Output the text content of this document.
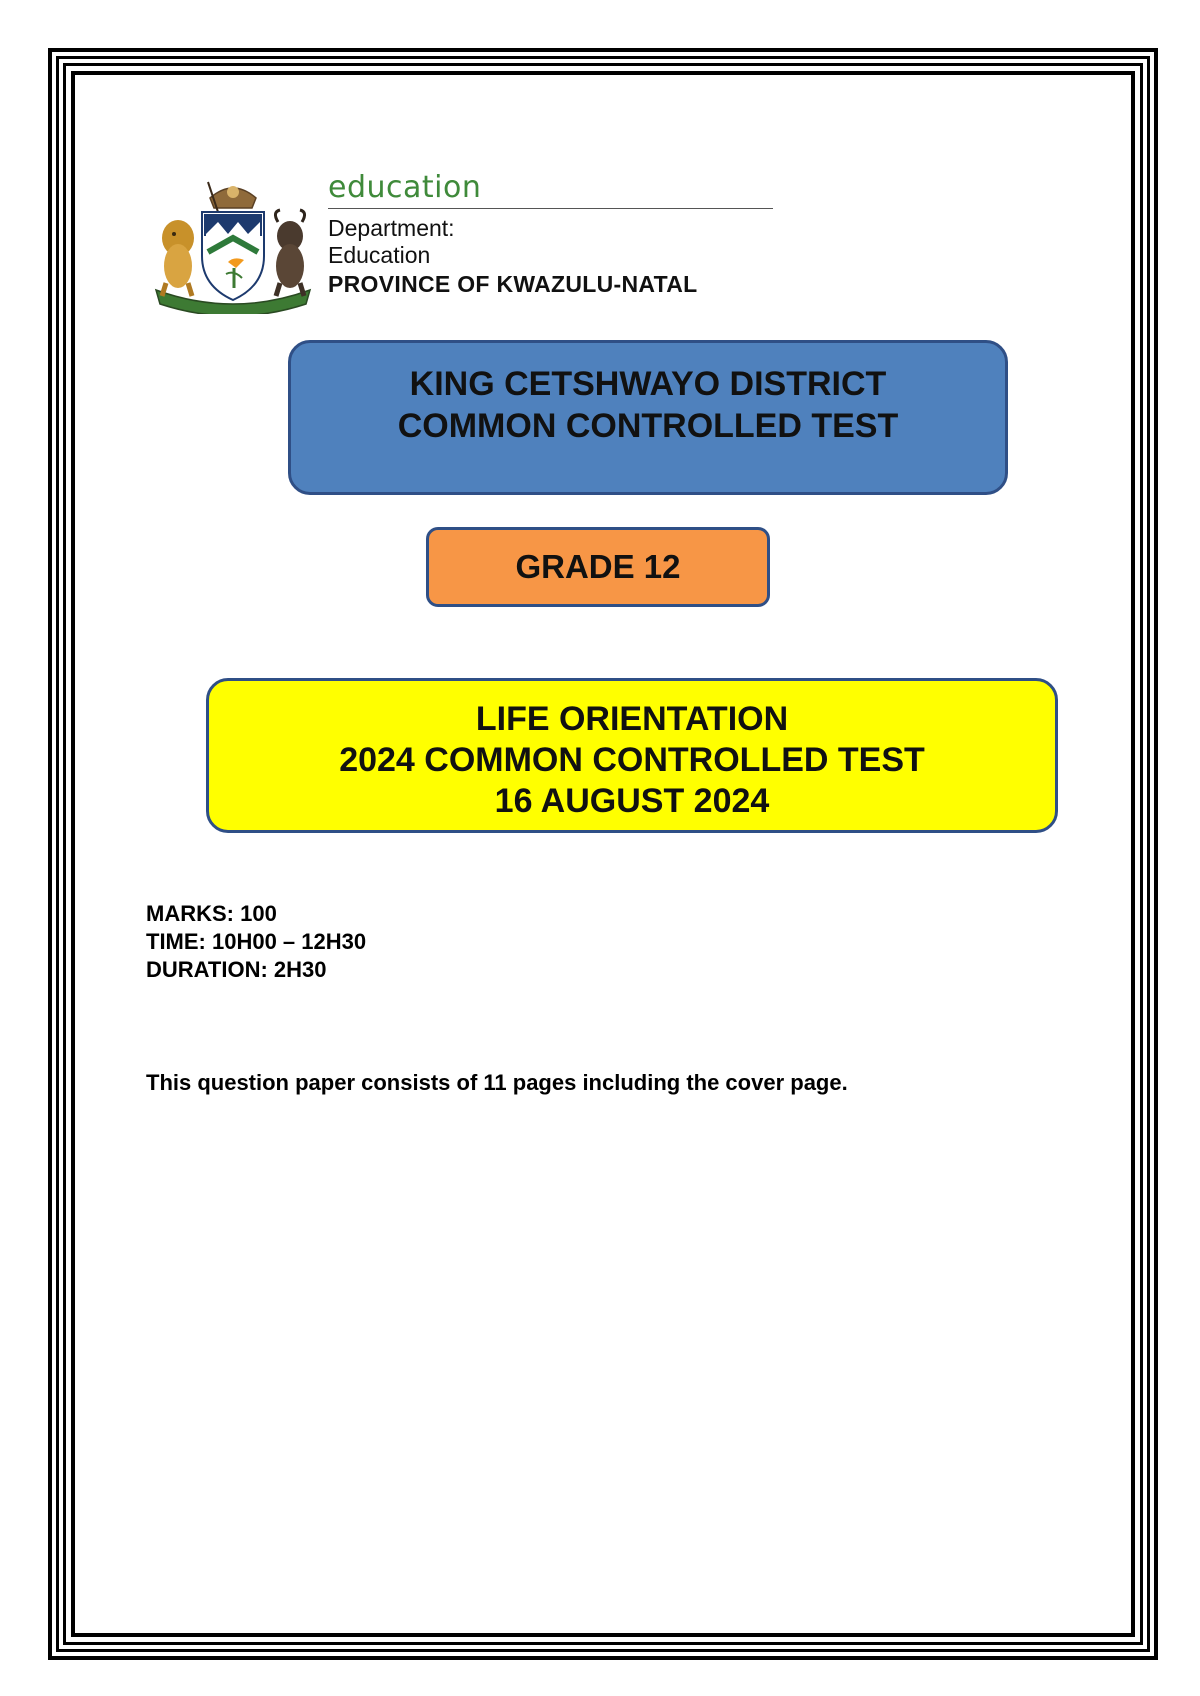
education
Department:
Education
PROVINCE OF KWAZULU-NATAL
KING CETSHWAYO DISTRICT
COMMON CONTROLLED TEST
GRADE 12
LIFE ORIENTATION
2024 COMMON CONTROLLED TEST
16 AUGUST 2024
MARKS: 100
TIME: 10H00 – 12H30
DURATION: 2H30
This question paper consists of 11 pages including the cover page.
